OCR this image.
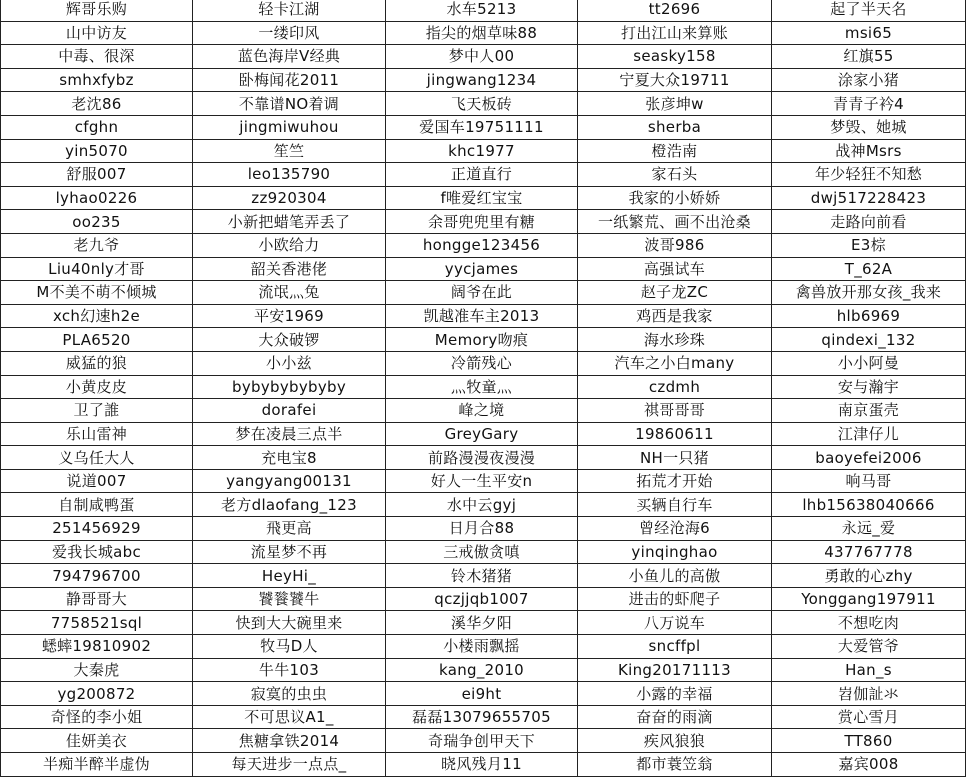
辉哥乐购	轻卡江湖	水车5213	tt2696	起了半天名
山中访友	一缕印风	指尖的烟草味88	打出江山来算账	msi65
中毒、很深	蓝色海岸V经典	梦中人00	seasky158	红旗55
smhxfybz	卧梅闻花2011	jingwang1234	宁夏大众19711	涂家小猪
老沈86	不靠谱NO着调	飞天板砖	张彦坤w	青青子衿4
cfghn	jingmiwuhou	爱国车19751111	sherba	梦毁、她城
yin5070	笙竺	khc1977	橙浩南	战神Msrs
舒服007	leo135790	正道直行	家石头	年少轻狂不知愁
lyhao0226	zz920304	f唯爱红宝宝	我家的小娇娇	dwj517228423
oo235	小新把蜡笔弄丢了	余哥兜兜里有糖	一纸繁荒、画不出沧桑	走路向前看
老九爷	小欧给力	hongge123456	波哥986	E3棕
Liu40nly才哥	韶关香港佬	yycjames	高强试车	T_62A
M不美不萌不倾城	流氓灬兔	阔爷在此	赵子龙ZC	禽兽放开那女孩_我来
xch幻速h2e	平安1969	凯越准车主2013	鸡西是我家	hlb6969
PLA6520	大众破锣	Memory吻痕	海水珍珠	qindexi_132
威猛的狼	小小兹	冷箭残心	汽车之小白many	小小阿曼
小黄皮皮	bybybybybyby	灬牧童灬	czdmh	安与瀚宇
卫了誰	dorafei	峰之境	祺哥哥哥	南京蛋壳
乐山雷神	梦在凌晨三点半	GreyGary	19860611	江津仔儿
义乌任大人	充电宝8	前路漫漫夜漫漫	NH一只猪	baoyefei2006
说道007	yangyang00131	好人一生平安n	拓荒才开始	响马哥
自制咸鸭蛋	老方dlaofang_123	水中云gyj	买辆自行车	lhb15638040666
251456929	飛更高	日月合88	曾经沧海6	永远_爱
爱我长城abc	流星梦不再	三戒傲贪嗔	yinqinghao	437767778
794796700	HeyHi_	铃木猪猪	小鱼儿的高傲	勇敢的心zhy
静哥哥大	饕餮饕牛	qczjjqb1007	进击的虾爬子	Yonggang197911
7758521sql	快到大大碗里来	溪华夕阳	八万说车	不想吃肉
蟋蟀19810902	牧马D人	小楼雨飘摇	sncffpl	大爱管爷
大秦虎	牛牛103	kang_2010	King20171113	Han_s
yg200872	寂寞的虫虫	ei9ht	小露的幸福	岧伽訨氺
奇怪的李小姐	不可思议A1_	磊磊13079655705	奋奋的雨滴	赏心雪月
佳妍美衣	焦糖拿铁2014	奇瑞争创甲天下	疾风狼狼	TT860
半痴半醉半虚伪	每天进步一点点_	晓风残月11	都市蓑笠翁	嘉宾008
